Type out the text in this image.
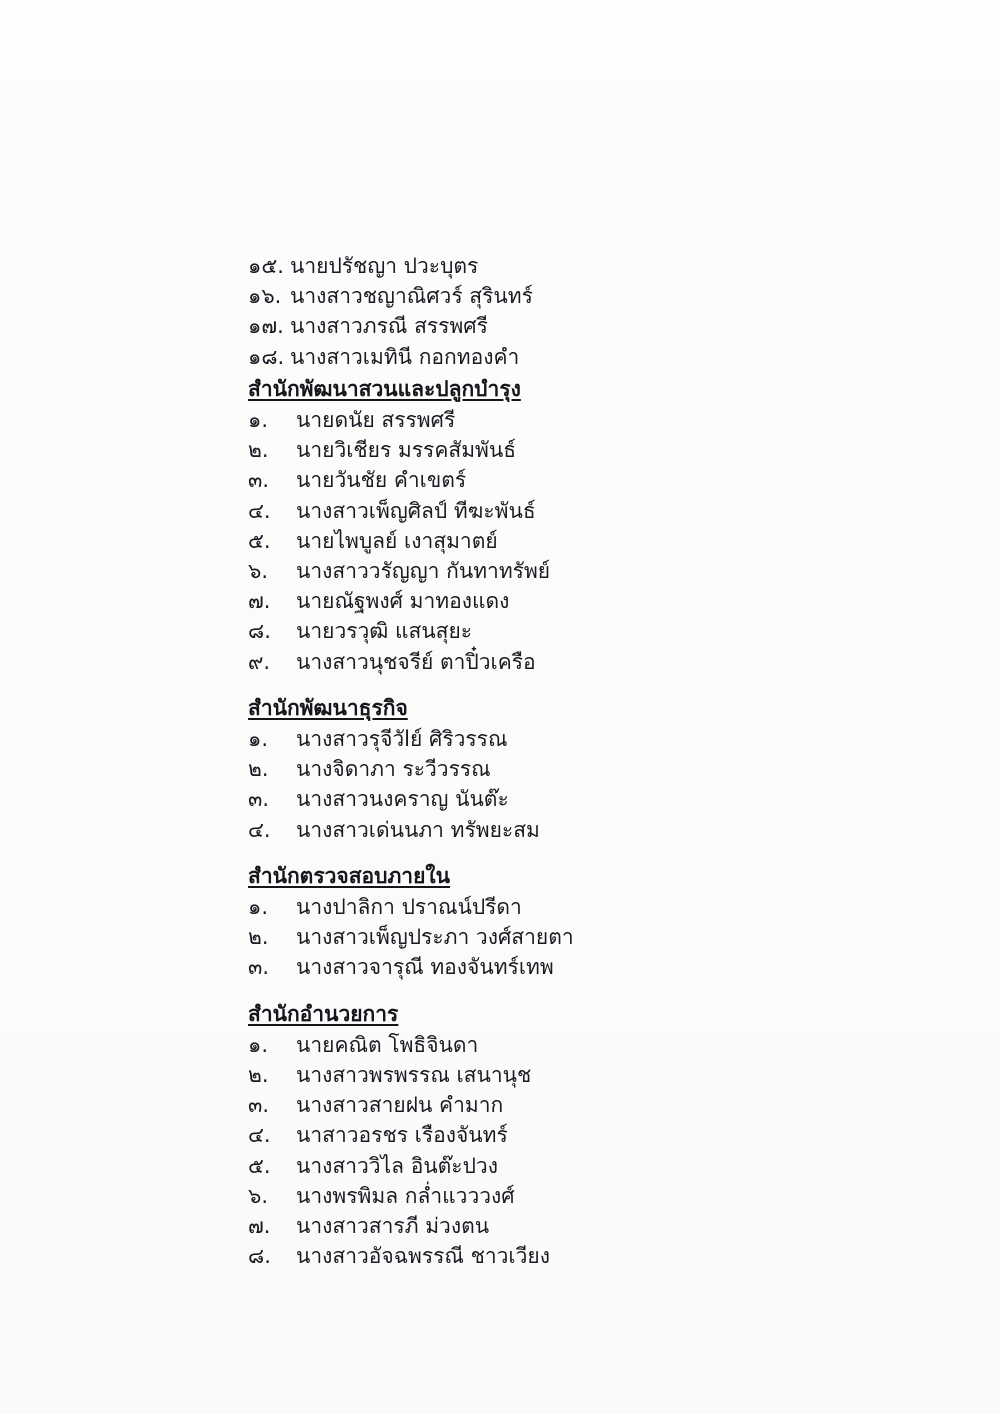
๑๕. นายปรัชญา ปวะบุตร
๑๖. นางสาวชญาณิศวร์ สุรินทร์
๑๗. นางสาวภรณี สรรพศรี
๑๘. นางสาวเมทินี กอกทองคำ
สำนักพัฒนาสวนและปลูกบำรุง
๑.	นายดนัย สรรพศรี
๒.	นายวิเชียร มรรคสัมพันธ์
๓.	นายวันชัย คำเขตร์
๔.	นางสาวเพ็ญศิลป์ ทีฆะพันธ์
๕.	นายไพบูลย์ เงาสุมาตย์
๖.	นางสาววรัญญา กันทาทรัพย์
๗.	นายณัฐพงศ์ มาทองแดง
๘.	นายวรวุฒิ แสนสุยะ
๙.	นางสาวนุชจรีย์ ตาปิ๋วเครือ
สำนักพัฒนาธุรกิจ
๑.	นางสาวรุจีวัlย์ ศิริวรรณ
๒.	นางจิดาภา ระวีวรรณ
๓.	นางสาวนงคราญ นันต๊ะ
๔.	นางสาวเด่นนภา ทรัพยะสม
สำนักตรวจสอบภายใน
๑.	นางปาลิกา ปราณน์ปรีดา
๒.	นางสาวเพ็ญประภา วงศ์สายตา
๓.	นางสาวจารุณี ทองจันทร์เทพ
สำนักอำนวยการ
๑.	นายคณิต โพธิจินดา
๒.	นางสาวพรพรรณ เสนานุช
๓.	นางสาวสายฝน คำมาก
๔.	นาสาวอรชร เรืองจันทร์
๕.	นางสาววิไล อินต๊ะปวง
๖.	นางพรพิมล กล่ำแวววงศ์
๗.	นางสาวสารภี ม่วงตน
๘.	นางสาวอัจฉพรรณี ชาวเวียง
